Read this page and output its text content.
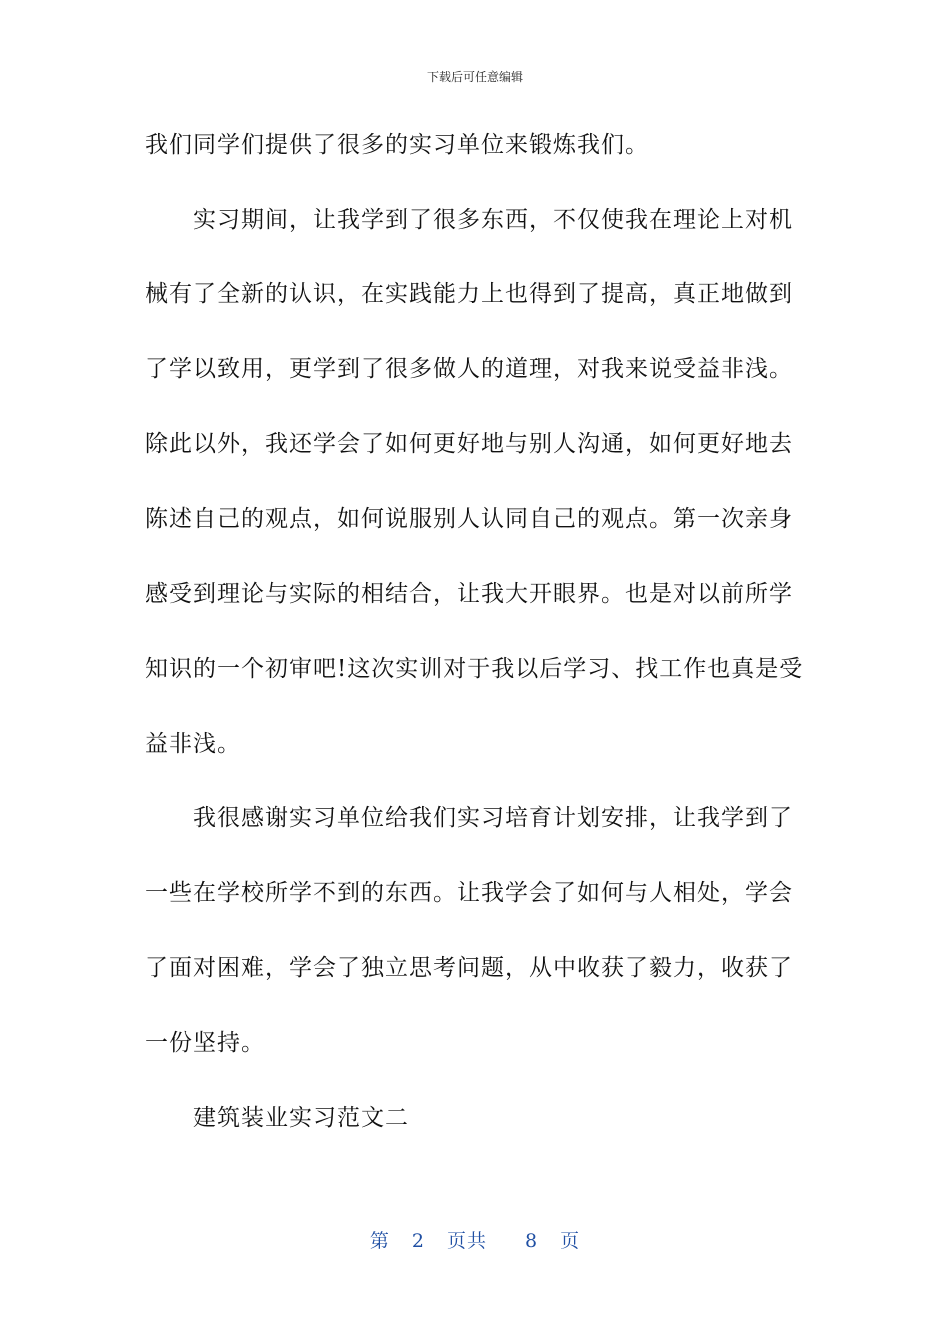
下载后可任意编辑
我们同学们提供了很多的实习单位来锻炼我们。
实习期间，让我学到了很多东西，不仅使我在理论上对机
械有了全新的认识，在实践能力上也得到了提高，真正地做到
了学以致用，更学到了很多做人的道理，对我来说受益非浅。
除此以外，我还学会了如何更好地与别人沟通，如何更好地去
陈述自己的观点，如何说服别人认同自己的观点。第一次亲身
感受到理论与实际的相结合，让我大开眼界。也是对以前所学
知识的一个初审吧!这次实训对于我以后学习、找工作也真是受
益非浅。
我很感谢实习单位给我们实习培育计划安排，让我学到了
一些在学校所学不到的东西。让我学会了如何与人相处，学会
了面对困难，学会了独立思考问题，从中收获了毅力，收获了
一份坚持。
建筑装业实习范文二
第 2 页共 8 页
